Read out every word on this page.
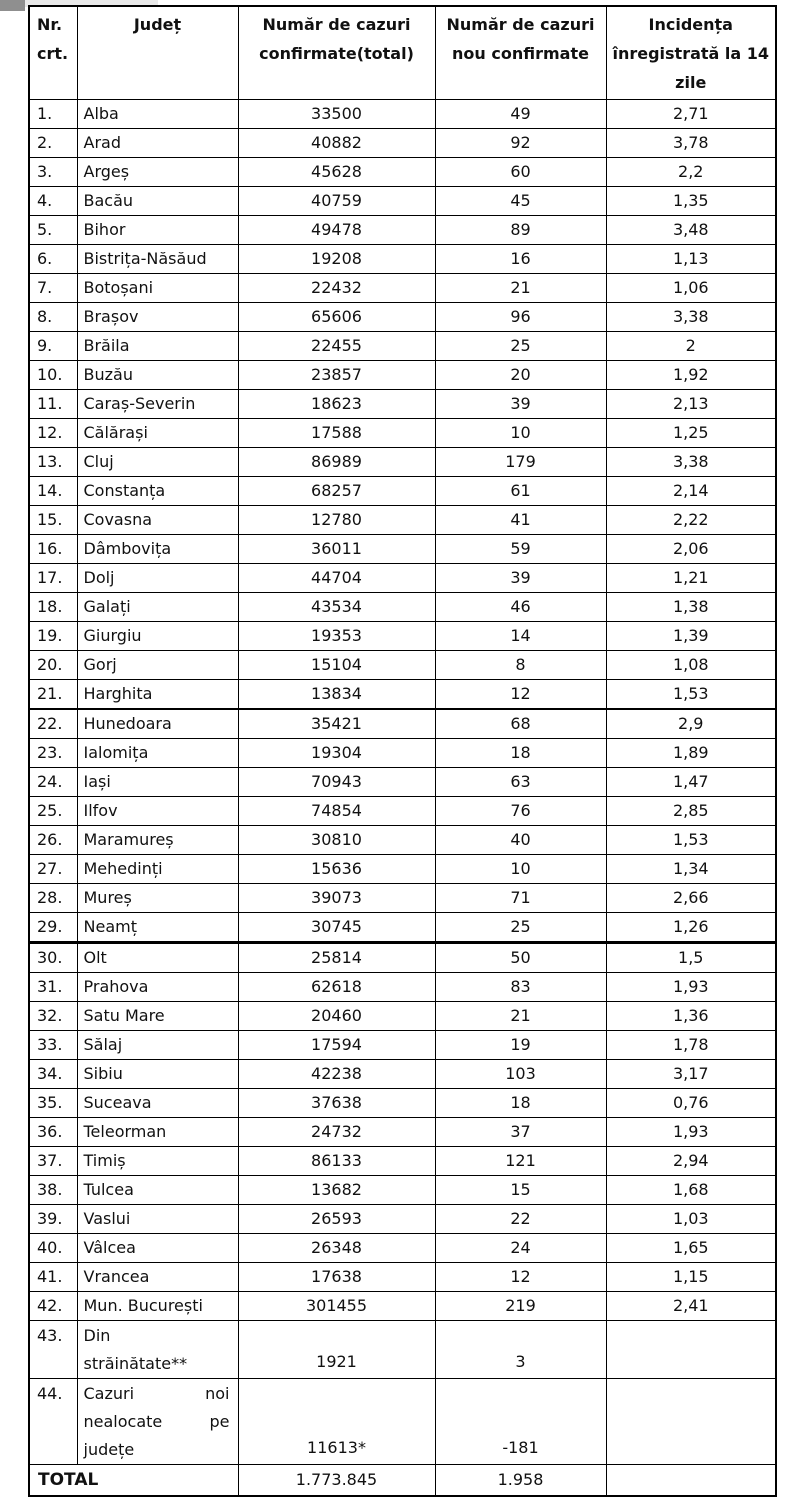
Nr. crt.	Județ	Număr de cazuri confirmate(total)	Număr de cazuri nou confirmate	Incidența înregistrată la 14 zile
1.	Alba	33500	49	2,71
2.	Arad	40882	92	3,78
3.	Argeș	45628	60	2,2
4.	Bacău	40759	45	1,35
5.	Bihor	49478	89	3,48
6.	Bistrița-Năsăud	19208	16	1,13
7.	Botoșani	22432	21	1,06
8.	Brașov	65606	96	3,38
9.	Brăila	22455	25	2
10.	Buzău	23857	20	1,92
11.	Caraș-Severin	18623	39	2,13
12.	Călărași	17588	10	1,25
13.	Cluj	86989	179	3,38
14.	Constanța	68257	61	2,14
15.	Covasna	12780	41	2,22
16.	Dâmbovița	36011	59	2,06
17.	Dolj	44704	39	1,21
18.	Galați	43534	46	1,38
19.	Giurgiu	19353	14	1,39
20.	Gorj	15104	8	1,08
21.	Harghita	13834	12	1,53
22.	Hunedoara	35421	68	2,9
23.	Ialomița	19304	18	1,89
24.	Iași	70943	63	1,47
25.	Ilfov	74854	76	2,85
26.	Maramureș	30810	40	1,53
27.	Mehedinți	15636	10	1,34
28.	Mureș	39073	71	2,66
29.	Neamț	30745	25	1,26
30.	Olt	25814	50	1,5
31.	Prahova	62618	83	1,93
32.	Satu Mare	20460	21	1,36
33.	Sălaj	17594	19	1,78
34.	Sibiu	42238	103	3,17
35.	Suceava	37638	18	0,76
36.	Teleorman	24732	37	1,93
37.	Timiș	86133	121	2,94
38.	Tulcea	13682	15	1,68
39.	Vaslui	26593	22	1,03
40.	Vâlcea	26348	24	1,65
41.	Vrancea	17638	12	1,15
42.	Mun. București	301455	219	2,41
43.	Din
străinătate**	1921	3	
44.	Cazuri noi
nealocate pe
județe	11613*	-181	
TOTAL		1.773.845	1.958	
